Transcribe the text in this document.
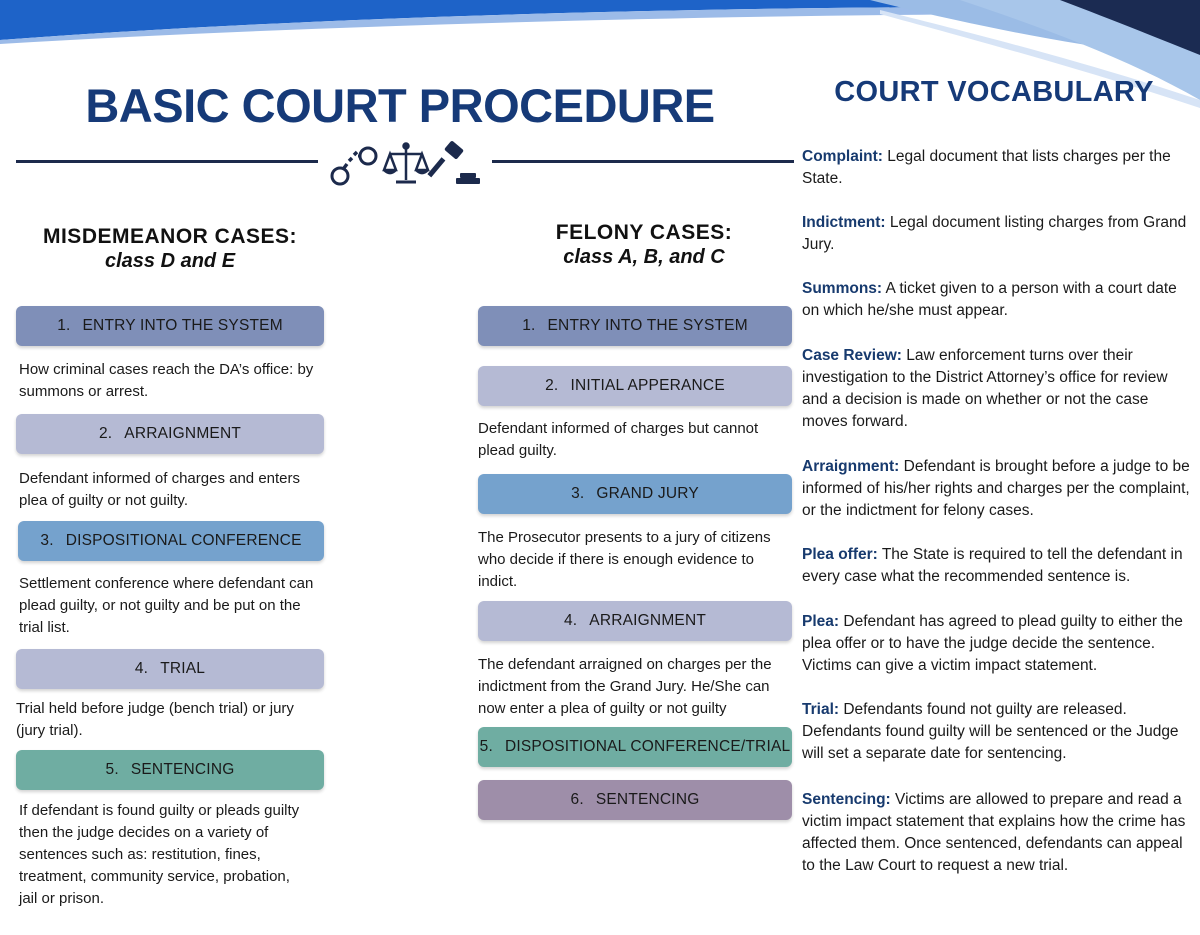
BASIC COURT PROCEDURE	COURT VOCABULARY
MISDEMEANOR CASES:
class D and E
FELONY CASES:
class A, B, and C
1. ENTRY INTO THE SYSTEM
How criminal cases reach the DA’s office: by
summons or arrest.
2. ARRAIGNMENT
Defendant informed of charges and enters
plea of guilty or not guilty.
3. DISPOSITIONAL CONFERENCE
Settlement conference where defendant can
plead guilty, or not guilty and be put on the
trial list.
4. TRIAL
Trial held before judge (bench trial) or jury
(jury trial).
5. SENTENCING
If defendant is found guilty or pleads guilty
then the judge decides on a variety of
sentences such as: restitution, fines,
treatment, community service, probation,
jail or prison.
1. ENTRY INTO THE SYSTEM
2. INITIAL APPERANCE
Defendant informed of charges but cannot
plead guilty.
3. GRAND JURY
The Prosecutor presents to a jury of citizens
who decide if there is enough evidence to
indict.
4. ARRAIGNMENT
The defendant arraigned on charges per the
indictment from the Grand Jury. He/She can
now enter a plea of guilty or not guilty
5. DISPOSITIONAL CONFERENCE/TRIAL
6. SENTENCING
Complaint: Legal document that lists charges per the State.
Indictment: Legal document listing charges from Grand Jury.
Summons: A ticket given to a person with a court date on which he/she must appear.
Case Review: Law enforcement turns over their investigation to the District Attorney’s office for review and a decision is made on whether or not the case moves forward.
Arraignment: Defendant is brought before a judge to be informed of his/her rights and charges per the complaint, or the indictment for felony cases.
Plea offer: The State is required to tell the defendant in every case what the recommended sentence is.
Plea: Defendant has agreed to plead guilty to either the plea offer or to have the judge decide the sentence. Victims can give a victim impact statement.
Trial: Defendants found not guilty are released. Defendants found guilty will be sentenced or the Judge will set a separate date for sentencing.
Sentencing: Victims are allowed to prepare and read a victim impact statement that explains how the crime has affected them. Once sentenced, defendants can appeal to the Law Court to request a new trial.
